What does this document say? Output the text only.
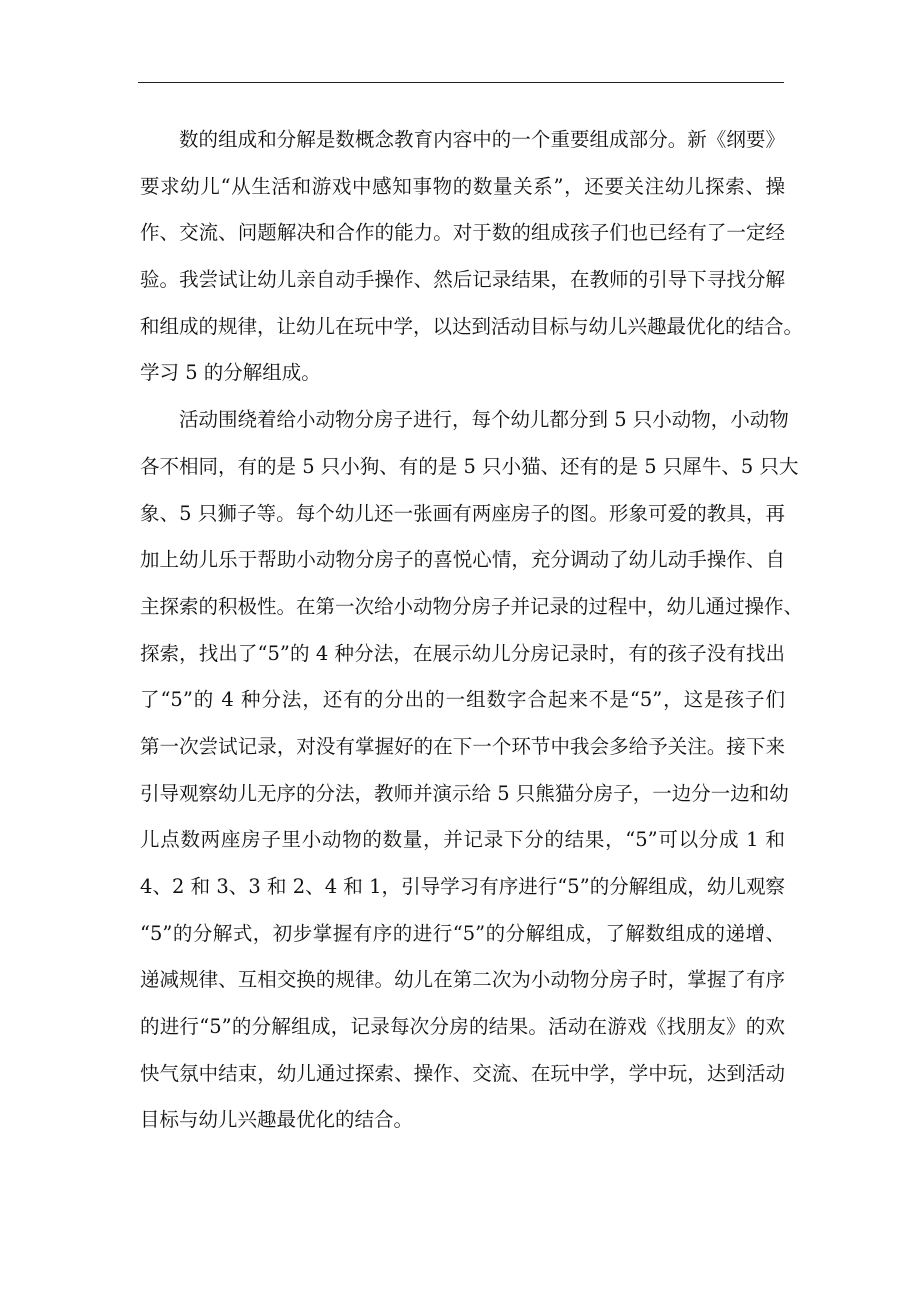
数的组成和分解是数概念教育内容中的一个重要组成部分。新《纲要》
要求幼儿“从生活和游戏中感知事物的数量关系”，还要关注幼儿探索、操
作、交流、问题解决和合作的能力。对于数的组成孩子们也已经有了一定经
验。我尝试让幼儿亲自动手操作、然后记录结果，在教师的引导下寻找分解
和组成的规律，让幼儿在玩中学，以达到活动目标与幼儿兴趣最优化的结合。
学习 5 的分解组成。
活动围绕着给小动物分房子进行，每个幼儿都分到 5 只小动物，小动物
各不相同，有的是 5 只小狗、有的是 5 只小猫、还有的是 5 只犀牛、5 只大
象、5 只狮子等。每个幼儿还一张画有两座房子的图。形象可爱的教具，再
加上幼儿乐于帮助小动物分房子的喜悦心情，充分调动了幼儿动手操作、自
主探索的积极性。在第一次给小动物分房子并记录的过程中，幼儿通过操作、
探索，找出了“5”的 4 种分法，在展示幼儿分房记录时，有的孩子没有找出
了“5”的 4 种分法，还有的分出的一组数字合起来不是“5”，这是孩子们
第一次尝试记录，对没有掌握好的在下一个环节中我会多给予关注。接下来
引导观察幼儿无序的分法，教师并演示给 5 只熊猫分房子，一边分一边和幼
儿点数两座房子里小动物的数量，并记录下分的结果，“5”可以分成 1 和
4、2 和 3、3 和 2、4 和 1，引导学习有序进行“5”的分解组成，幼儿观察
“5”的分解式，初步掌握有序的进行“5”的分解组成，了解数组成的递增、
递减规律、互相交换的规律。幼儿在第二次为小动物分房子时，掌握了有序
的进行“5”的分解组成，记录每次分房的结果。活动在游戏《找朋友》的欢
快气氛中结束，幼儿通过探索、操作、交流、在玩中学，学中玩，达到活动
目标与幼儿兴趣最优化的结合。
